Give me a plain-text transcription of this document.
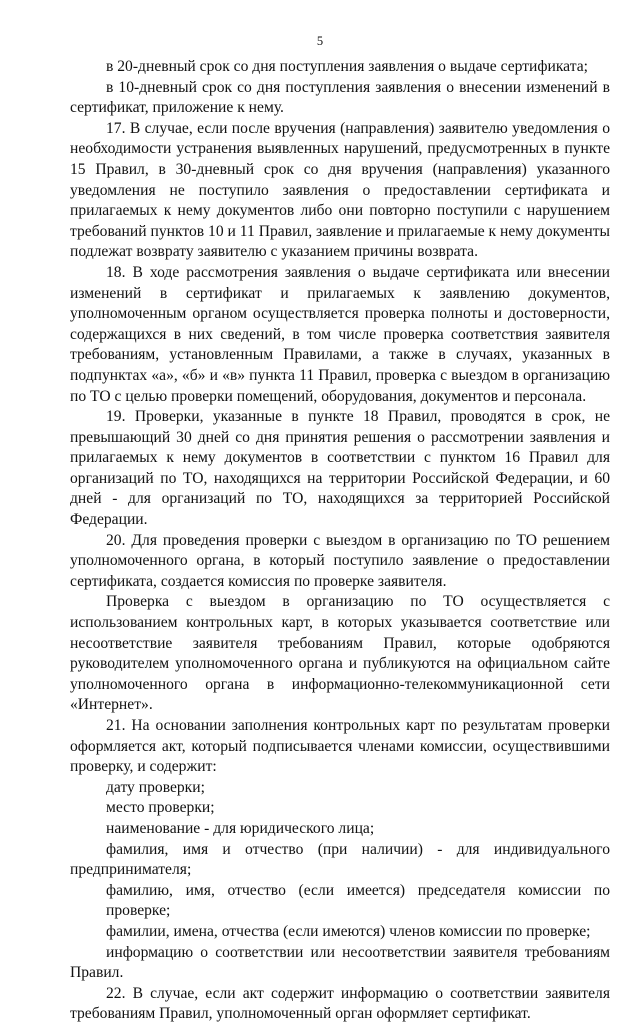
5

в 20-дневный срок со дня поступления заявления о выдаче сертификата;

в 10-дневный срок со дня поступления заявления о внесении изменений в сертификат, приложение к нему.

17. В случае, если после вручения (направления) заявителю уведомления о необходимости устранения выявленных нарушений, предусмотренных в пункте 15 Правил, в 30-дневный срок со дня вручения (направления) указанного уведомления не поступило заявления о предоставлении сертификата и прилагаемых к нему документов либо они повторно поступили с нарушением требований пунктов 10 и 11 Правил, заявление и прилагаемые к нему документы подлежат возврату заявителю с указанием причины возврата.

18. В ходе рассмотрения заявления о выдаче сертификата или внесении изменений в сертификат и прилагаемых к заявлению документов, уполномоченным органом осуществляется проверка полноты и достоверности, содержащихся в них сведений, в том числе проверка соответствия заявителя требованиям, установленным Правилами, а также в случаях, указанных в подпунктах «а», «б» и «в» пункта 11 Правил, проверка с выездом в организацию по ТО с целью проверки помещений, оборудования, документов и персонала.

19. Проверки, указанные в пункте 18 Правил, проводятся в срок, не превышающий 30 дней со дня принятия решения о рассмотрении заявления и прилагаемых к нему документов в соответствии с пунктом 16 Правил для организаций по ТО, находящихся на территории Российской Федерации, и 60 дней - для организаций по ТО, находящихся за территорией Российской Федерации.

20. Для проведения проверки с выездом в организацию по ТО решением уполномоченного органа, в который поступило заявление о предоставлении сертификата, создается комиссия по проверке заявителя.

Проверка с выездом в организацию по ТО осуществляется с использованием контрольных карт, в которых указывается соответствие или несоответствие заявителя требованиям Правил, которые одобряются руководителем уполномоченного органа и публикуются на официальном сайте уполномоченного органа в информационно-телекоммуникационной сети «Интернет».

21. На основании заполнения контрольных карт по результатам проверки оформляется акт, который подписывается членами комиссии, осуществившими проверку, и содержит:

дату проверки;

место проверки;

наименование - для юридического лица;

фамилия, имя и отчество (при наличии) - для индивидуального предпринимателя;

фамилию, имя, отчество (если имеется) председателя комиссии по проверке;

фамилии, имена, отчества (если имеются) членов комиссии по проверке;

информацию о соответствии или несоответствии заявителя требованиям Правил.

22. В случае, если акт содержит информацию о соответствии заявителя требованиям Правил, уполномоченный орган оформляет сертификат.
